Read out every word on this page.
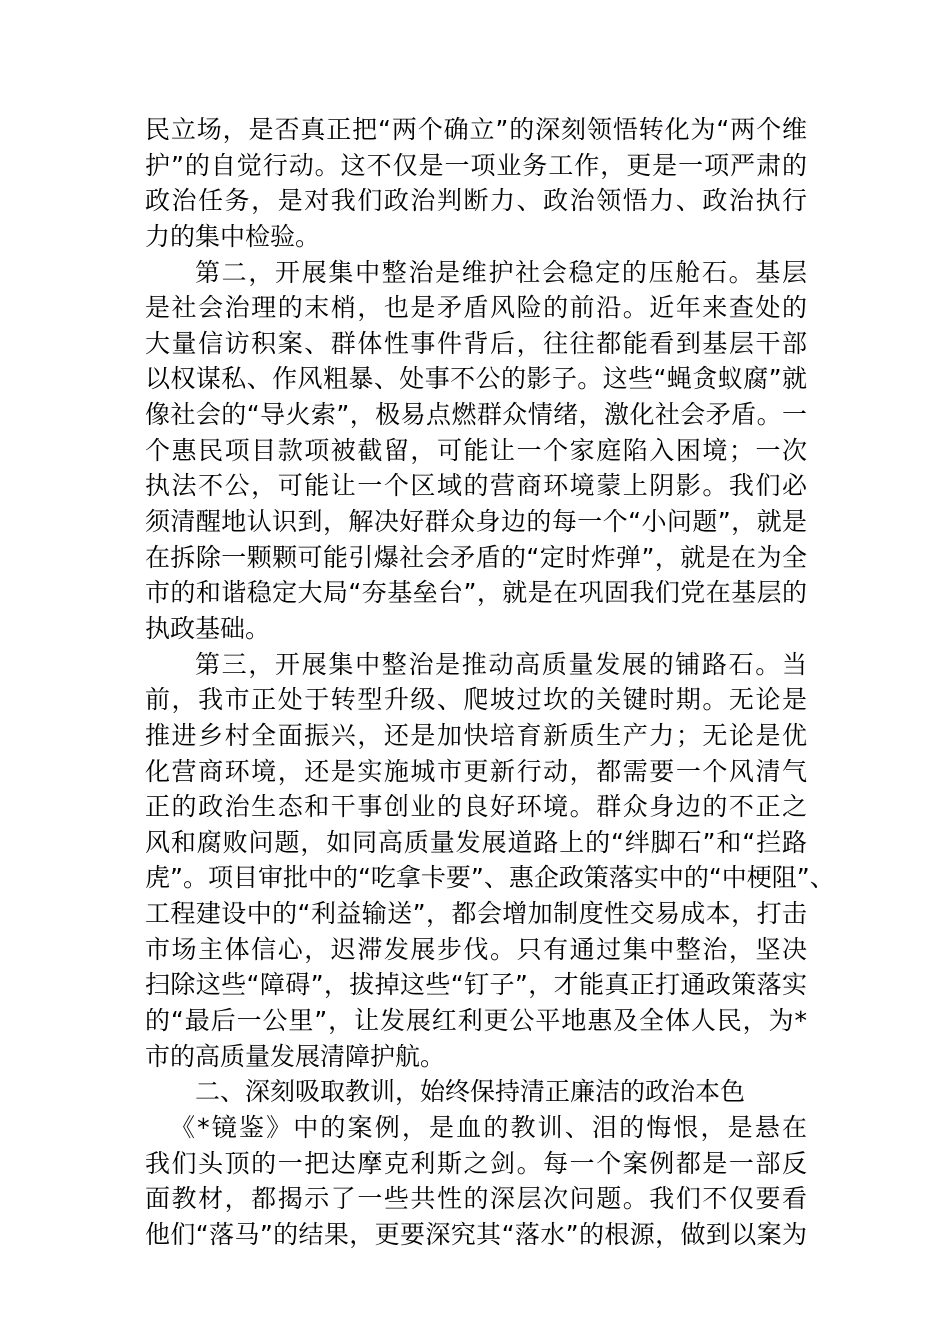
民立场，是否真正把“两个确立”的深刻领悟转化为“两个维
护”的自觉行动。这不仅是一项业务工作，更是一项严肃的
政治任务，是对我们政治判断力、政治领悟力、政治执行
力的集中检验。
第二，开展集中整治是维护社会稳定的压舱石。基层
是社会治理的末梢，也是矛盾风险的前沿。近年来查处的
大量信访积案、群体性事件背后，往往都能看到基层干部
以权谋私、作风粗暴、处事不公的影子。这些“蝇贪蚁腐”就
像社会的“导火索”，极易点燃群众情绪，激化社会矛盾。一
个惠民项目款项被截留，可能让一个家庭陷入困境；一次
执法不公，可能让一个区域的营商环境蒙上阴影。我们必
须清醒地认识到，解决好群众身边的每一个“小问题”，就是
在拆除一颗颗可能引爆社会矛盾的“定时炸弹”，就是在为全
市的和谐稳定大局“夯基垒台”，就是在巩固我们党在基层的
执政基础。
第三，开展集中整治是推动高质量发展的铺路石。当
前，我市正处于转型升级、爬坡过坎的关键时期。无论是
推进乡村全面振兴，还是加快培育新质生产力；无论是优
化营商环境，还是实施城市更新行动，都需要一个风清气
正的政治生态和干事创业的良好环境。群众身边的不正之
风和腐败问题，如同高质量发展道路上的“绊脚石”和“拦路
虎”。项目审批中的“吃拿卡要”、惠企政策落实中的“中梗阻”、
工程建设中的“利益输送”，都会增加制度性交易成本，打击
市场主体信心，迟滞发展步伐。只有通过集中整治，坚决
扫除这些“障碍”，拔掉这些“钉子”，才能真正打通政策落实
的“最后一公里”，让发展红利更公平地惠及全体人民，为*
市的高质量发展清障护航。
二、深刻吸取教训，始终保持清正廉洁的政治本色
《*镜鉴》中的案例，是血的教训、泪的悔恨，是悬在
我们头顶的一把达摩克利斯之剑。每一个案例都是一部反
面教材，都揭示了一些共性的深层次问题。我们不仅要看
他们“落马”的结果，更要深究其“落水”的根源，做到以案为
